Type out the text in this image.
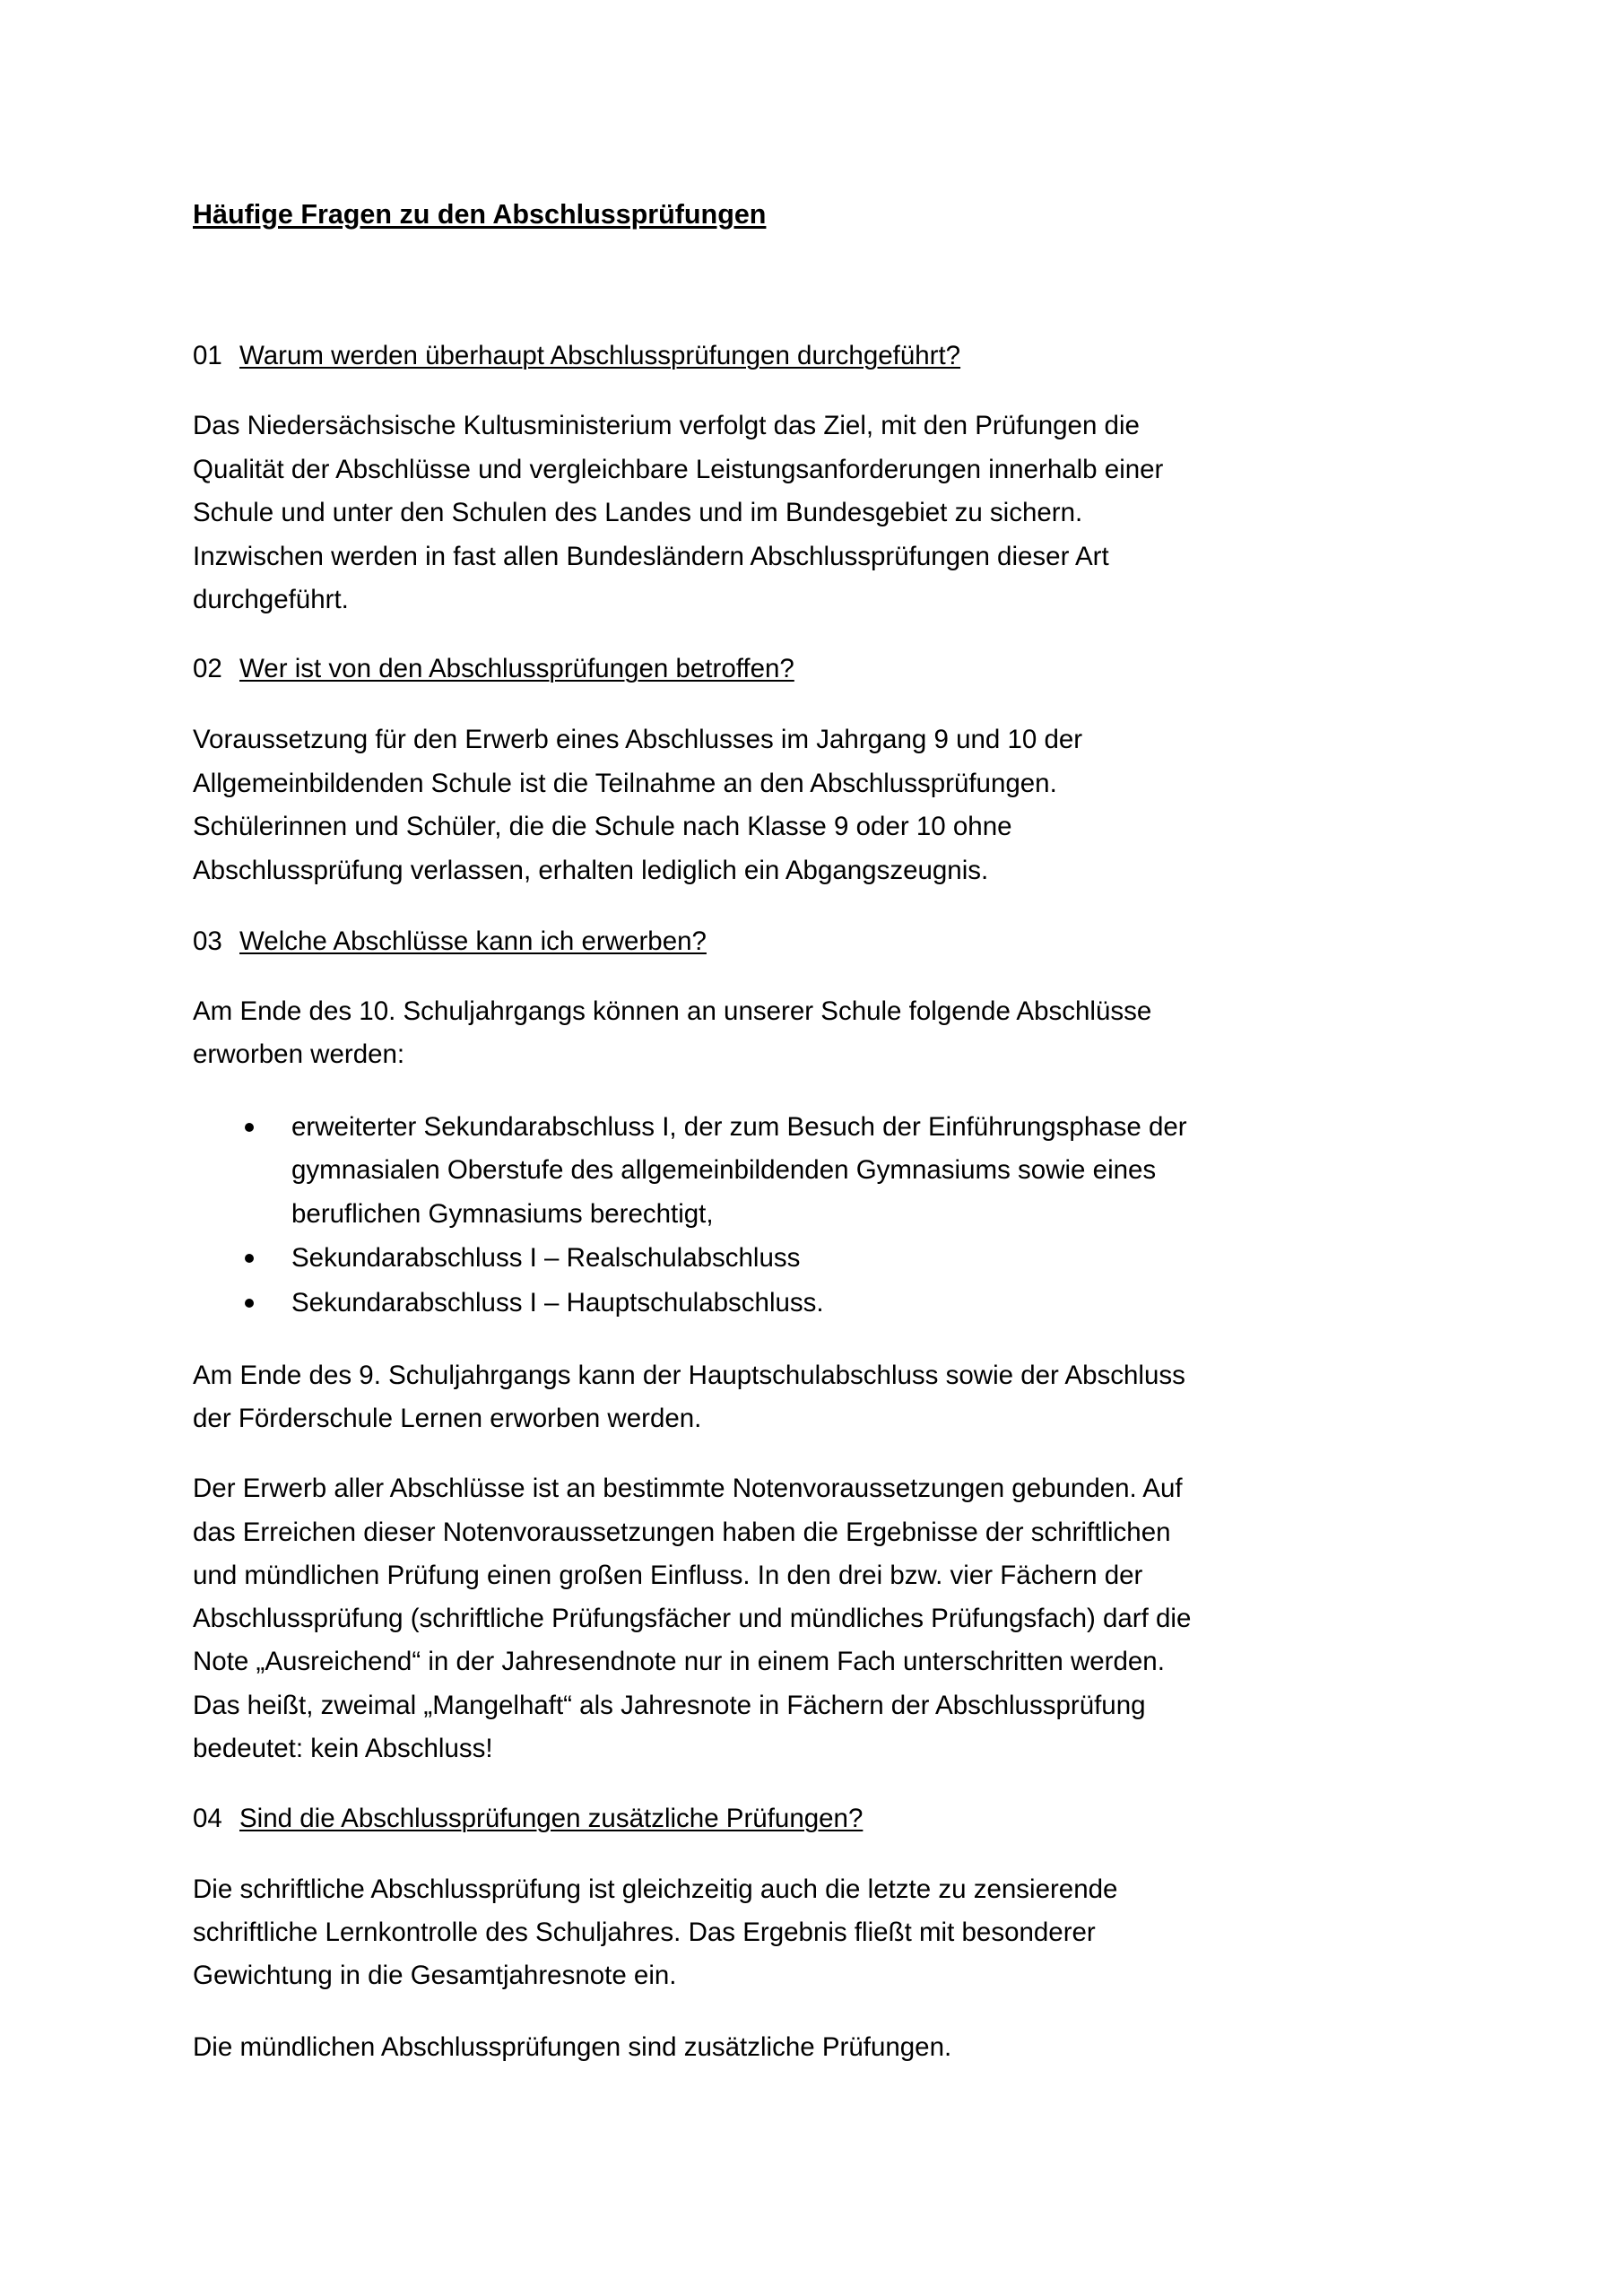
Häufige Fragen zu den Abschlussprüfungen
01 Warum werden überhaupt Abschlussprüfungen durchgeführt?
Das Niedersächsische Kultusministerium verfolgt das Ziel, mit den Prüfungen die
Qualität der Abschlüsse und vergleichbare Leistungsanforderungen innerhalb einer
Schule und unter den Schulen des Landes und im Bundesgebiet zu sichern.
Inzwischen werden in fast allen Bundesländern Abschlussprüfungen dieser Art
durchgeführt.
02 Wer ist von den Abschlussprüfungen betroffen?
Voraussetzung für den Erwerb eines Abschlusses im Jahrgang 9 und 10 der
Allgemeinbildenden Schule ist die Teilnahme an den Abschlussprüfungen.
Schülerinnen und Schüler, die die Schule nach Klasse 9 oder 10 ohne
Abschlussprüfung verlassen, erhalten lediglich ein Abgangszeugnis.
03 Welche Abschlüsse kann ich erwerben?
Am Ende des 10. Schuljahrgangs können an unserer Schule folgende Abschlüsse
erworben werden:
erweiterter Sekundarabschluss I, der zum Besuch der Einführungsphase der
gymnasialen Oberstufe des allgemeinbildenden Gymnasiums sowie eines
beruflichen Gymnasiums berechtigt,
Sekundarabschluss I – Realschulabschluss
Sekundarabschluss I – Hauptschulabschluss.
Am Ende des 9. Schuljahrgangs kann der Hauptschulabschluss sowie der Abschluss
der Förderschule Lernen erworben werden.
Der Erwerb aller Abschlüsse ist an bestimmte Notenvoraussetzungen gebunden. Auf
das Erreichen dieser Notenvoraussetzungen haben die Ergebnisse der schriftlichen
und mündlichen Prüfung einen großen Einfluss. In den drei bzw. vier Fächern der
Abschlussprüfung (schriftliche Prüfungsfächer und mündliches Prüfungsfach) darf die
Note „Ausreichend“ in der Jahresendnote nur in einem Fach unterschritten werden.
Das heißt, zweimal „Mangelhaft“ als Jahresnote in Fächern der Abschlussprüfung
bedeutet: kein Abschluss!
04 Sind die Abschlussprüfungen zusätzliche Prüfungen?
Die schriftliche Abschlussprüfung ist gleichzeitig auch die letzte zu zensierende
schriftliche Lernkontrolle des Schuljahres. Das Ergebnis fließt mit besonderer
Gewichtung in die Gesamtjahresnote ein.
Die mündlichen Abschlussprüfungen sind zusätzliche Prüfungen.
